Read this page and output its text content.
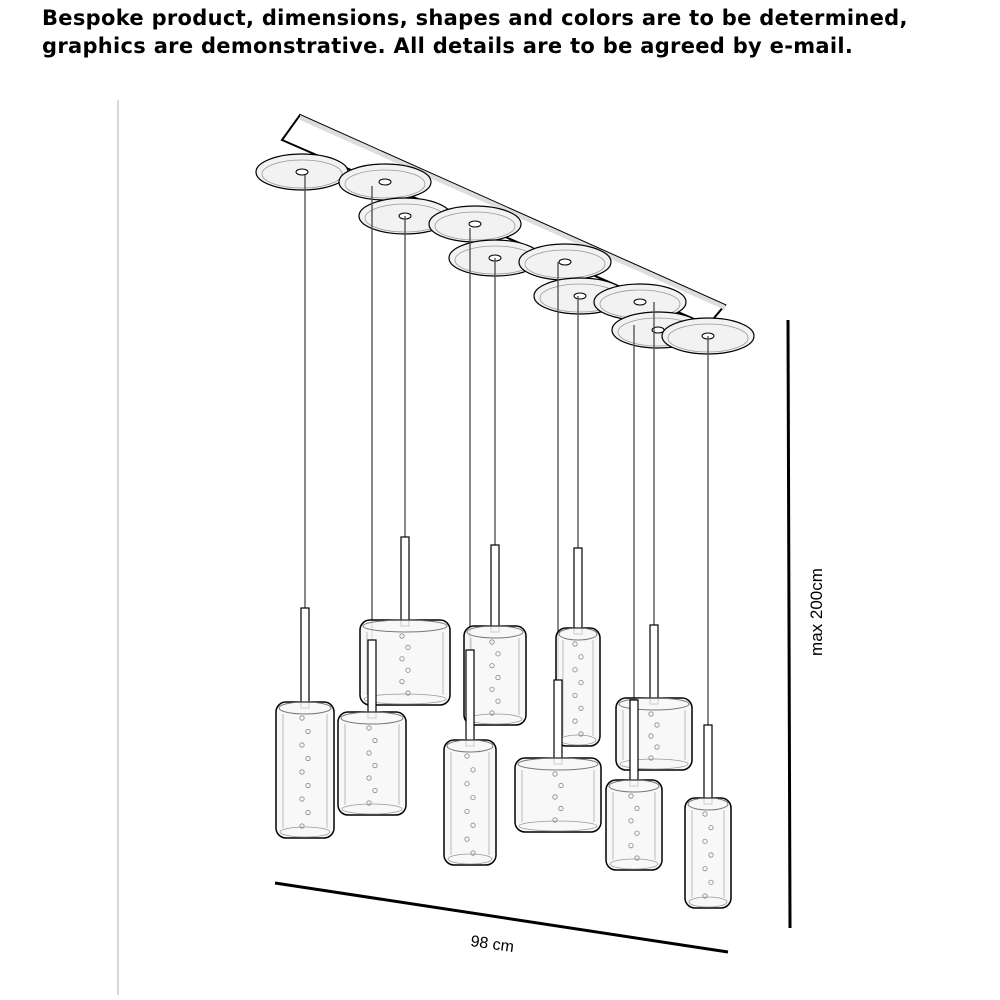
Bespoke product, dimensions, shapes and colors are to be determined, graphics are demonstrative. All details are to be agreed by e-mail.

98 cm
max 200cm
